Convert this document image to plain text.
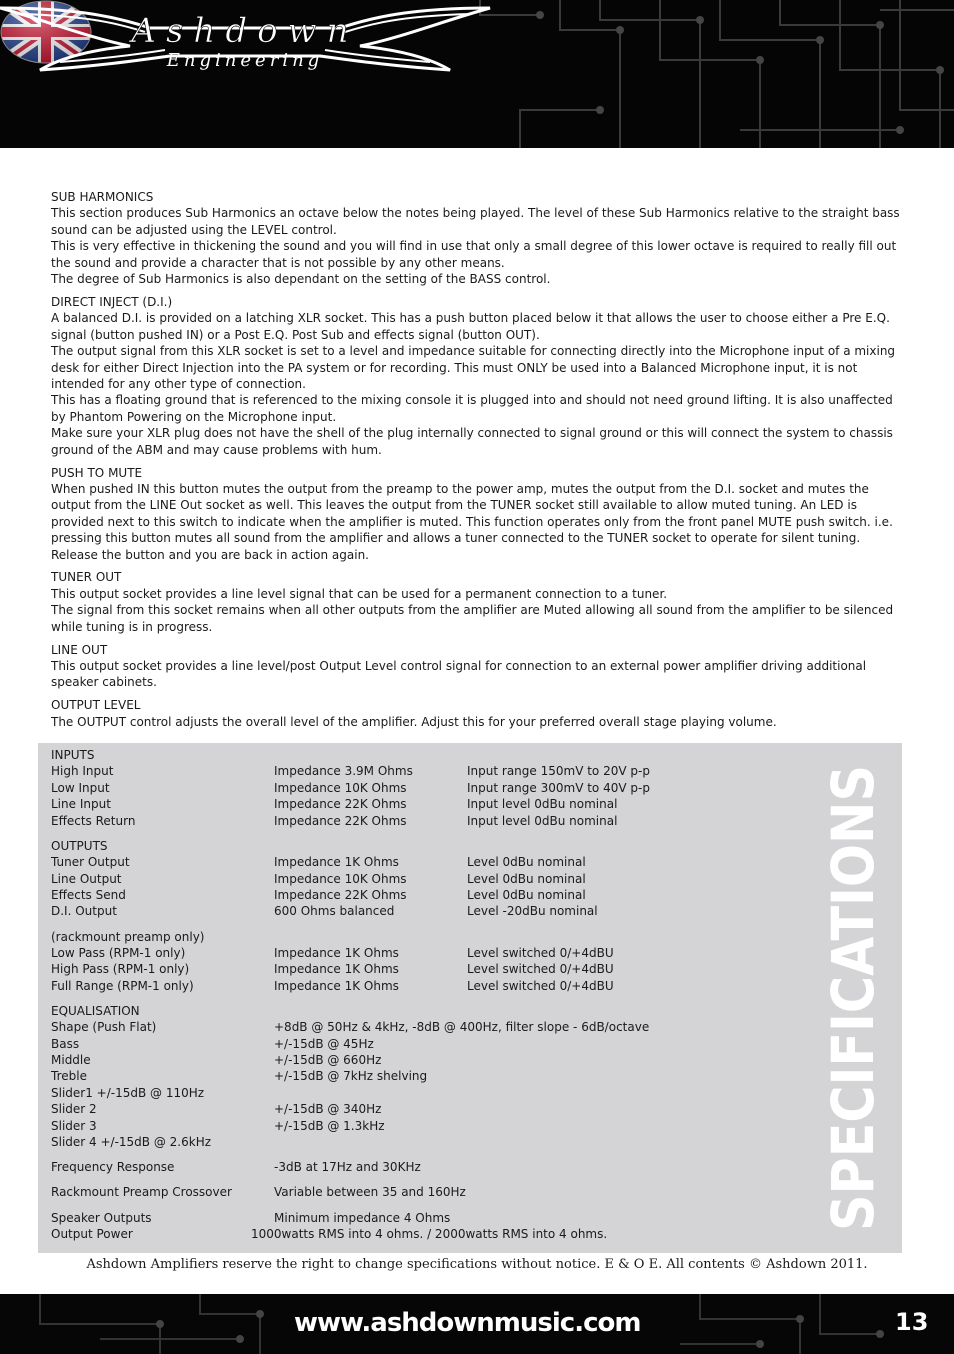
Ashdown
Engineering

SUB HARMONICS

This section produces Sub Harmonics an octave below the notes being played. The level of these Sub Harmonics relative to the straight bass sound can be adjusted using the LEVEL control.

This is very effective in thickening the sound and you will find in use that only a small degree of this lower octave is required to really fill out the sound and provide a character that is not possible by any other means.

The degree of Sub Harmonics is also dependant on the setting of the BASS control.

DIRECT INJECT (D.I.)

A balanced D.I. is provided on a latching XLR socket. This has a push button placed below it that allows the user to choose either a Pre E.Q. signal (button pushed IN) or a Post E.Q. Post Sub and effects signal (button OUT).

The output signal from this XLR socket is set to a level and impedance suitable for connecting directly into the Microphone input of a mixing desk for either Direct Injection into the PA system or for recording. This must ONLY be used into a Balanced Microphone input, it is not intended for any other type of connection.

This has a floating ground that is referenced to the mixing console it is plugged into and should not need ground lifting. It is also unaffected by Phantom Powering on the Microphone input.

Make sure your XLR plug does not have the shell of the plug internally connected to signal ground or this will connect the system to chassis ground of the ABM and may cause problems with hum.

PUSH TO MUTE

When pushed IN this button mutes the output from the preamp to the power amp, mutes the output from the D.I. socket and mutes the output from the LINE Out socket as well. This leaves the output from the TUNER socket still available to allow muted tuning. An LED is provided next to this switch to indicate when the amplifier is muted. This function operates only from the front panel MUTE push switch. i.e. pressing this button mutes all sound from the amplifier and allows a tuner connected to the TUNER socket to operate for silent tuning. Release the button and you are back in action again.

TUNER OUT

This output socket provides a line level signal that can be used for a permanent connection to a tuner.

The signal from this socket remains when all other outputs from the amplifier are Muted allowing all sound from the amplifier to be silenced while tuning is in progress.

LINE OUT

This output socket provides a line level/post Output Level control signal for connection to an external power amplifier driving additional speaker cabinets.

OUTPUT LEVEL

The OUTPUT control adjusts the overall level of the amplifier. Adjust this for your preferred overall stage playing volume.

INPUTS
High Input	Impedance 3.9M Ohms	Input range 150mV to 20V p-p
Low Input	Impedance 10K Ohms	Input range 300mV to 40V p-p
Line Input	Impedance 22K Ohms	Input level 0dBu nominal
Effects Return	Impedance 22K Ohms	Input level 0dBu nominal
OUTPUTS
Tuner Output	Impedance 1K Ohms	Level 0dBu nominal
Line Output	Impedance 10K Ohms	Level 0dBu nominal
Effects Send	Impedance 22K Ohms	Level 0dBu nominal
D.I. Output	600 Ohms balanced	Level -20dBu nominal
(rackmount preamp only)
Low Pass (RPM-1 only)	Impedance 1K Ohms	Level switched 0/+4dBU
High Pass (RPM-1 only)	Impedance 1K Ohms	Level switched 0/+4dBU
Full Range (RPM-1 only)	Impedance 1K Ohms	Level switched 0/+4dBU
EQUALISATION
Shape (Push Flat)	+8dB @ 50Hz & 4kHz, -8dB @ 400Hz, filter slope - 6dB/octave
Bass	+/-15dB @ 45Hz
Middle	+/-15dB @ 660Hz
Treble	+/-15dB @ 7kHz shelving
Slider1 +/-15dB @ 110Hz
Slider 2	+/-15dB @ 340Hz
Slider 3	+/-15dB @ 1.3kHz
Slider 4 +/-15dB @ 2.6kHz
Frequency Response	-3dB at 17Hz and 30KHz
Rackmount Preamp Crossover	Variable between 35 and 160Hz
Speaker Outputs	Minimum impedance 4 Ohms
Output Power	1000watts RMS into 4 ohms. / 2000watts RMS into 4 ohms.
SPECIFICATIONS
Ashdown Amplifiers reserve the right to change specifications without notice. E & O E. All contents © Ashdown 2011.
www.ashdownmusic.com	13
